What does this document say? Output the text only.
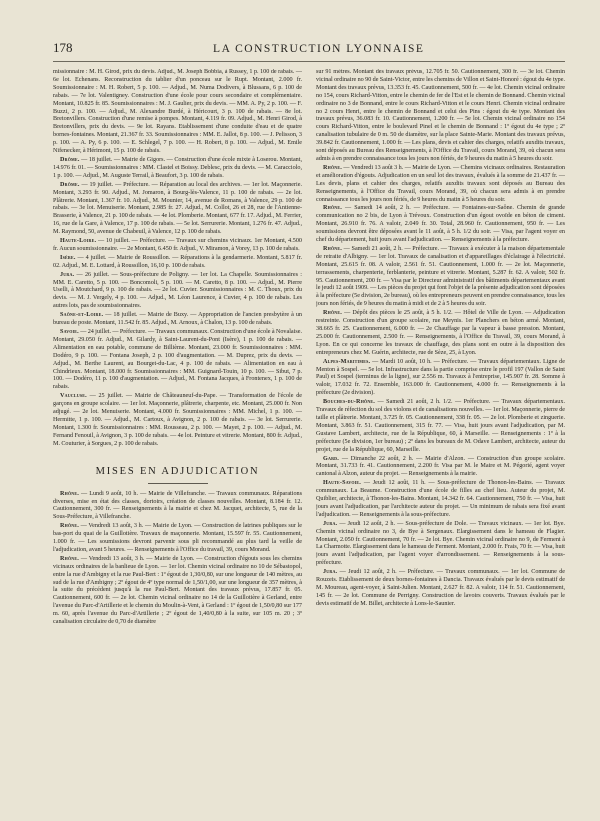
178	LA CONSTRUCTION LYONNAISE

missionnaire : M. H. Girod, prix du devis. Adjud., M. Joseph Bobbia, à Russey, 1 p. 100 de rabais. — 6e lot. Echenans. Reconstruction du tablier d'un ponceau sur le Rupt. Montant, 2.000 fr. Soumissionnaire : M. H. Robert, 5 p. 100. — Adjud., M. Numa Dodivers, à Blussans, 6 p. 100 de rabais. — 7e lot. Valentigney. Construction d'une école pour cours secondaire et complémentaire. Montant, 10.825 fr. 85. Soumissionnaires : M. J. Gaulier, prix du devis. — MM. A. Py, 2 p. 100. — F. Buzzi, 2 p. 100. — Adjud., M. Alexandre Burdé, à Héricourt, 3 p. 100 de rabais. — 8e lot. Bretonvillers. Construction d'une remise à pompes. Montant, 4.119 fr. 09. Adjud., M. Henri Girod, à Bretonvillers, prix du devis. — 9e lot. Rayans. Etablissement d'une conduite d'eau et de quatre bornes-fontaines. Montant, 21.367 fr. 33. Soumissionnaires : MM. E. Jallot, 8 p. 100. — J. Pelisson, 3 p. 100. — A. Py, 6 p. 100. — E. Schlegel, 7 p. 100. — H. Robert, 8 p. 100. — Adjud., M. Emile Nifenecker, à Hérimont, 15 p. 100 de rabais.

Drôme. — 18 juillet. — Mairie de Gigors. — Construction d'une école mixte à Loserou. Montant, 14.976 fr. 01. — Soumissionnaires : MM. Clastel et Boissy. Deblesc, prix du devis. — M. Caracciolo, 1 p. 100. — Adjud., M. Auguste Terrail, à Beaufort, 3 p. 100 de rabais.

Drôme. — 19 juillet. — Préfecture. — Réparation au local des archives. — 1er lot. Maçonnerie. Montant, 3.293 fr. 90. Adjud., M. Jomaron, à Bourg-lès-Valence, 11 p. 100 de rabais. — 2e lot. Plâtrerie. Montant, 1.367 fr. 10. Adjud., M. Mounier, 14, avenue de Romans, à Valence, 29 p. 100 de rabais. — 3e lot. Menuiserie. Montant, 2.985 fr. 27. Adjud., M. Collot, 26 et 28, rue de l'Antienne-Brasserie, à Valence, 21 p. 100 de rabais. — 4e lot. Plomberie. Montant, 677 fr. 17. Adjud., M. Ferrier, 16, rue de la Gare, à Valence, 17 p. 100 de rabais. — 5e lot. Serrurerie. Montant, 1.276 fr. 47. Adjud., M. Raymond, 50, avenue de Chabeuil, à Valence, 12 p. 100 de rabais.

Haute-Loire. — 10 juillet. — Préfecture. — Travaux sur chemins vicinaux. 1er Montant, 4.500 fr. Aucun soumissionnaire. — 2e Montant, 6.450 fr. Adjud., V. Miramon, à Vorey, 13 p. 100 de rabais.

Isère. — 4 juillet. — Mairie de Roussillon. — Réparations à la gendarmerie. Montant, 5.817 fr. 02. Adjud., M. E. Lottard, à Roussillon, 16,10 p. 100 de rabais.

Jura. — 26 juillet. — Sous-préfecture de Poligny. — 1er lot. La Chapelle. Soumissionnaires : MM. E. Caretto, 5 p. 100. — Boncomoli, 5 p. 100. — M. Caretto, 8 p. 100. — Adjud., M. Pierre Uselli, à Moutchard, 9 p. 100 de rabais. — 2e lot. Cuvier. Soumissionnaires : M. C. Thoux, prix du devis. — M. J. Vergely, 4 p. 100. — Adjud., M. Léon Laurence, à Cuvier, 4 p. 100 de rabais. Les autres lots, pas de soumissionnaires.

Saône-et-Loire. — 18 juillet. — Mairie de Buxy. — Appropriation de l'ancien presbytère à un bureau de poste. Montant, 11.542 fr. 85. Adjud., M. Arnoux, à Chalon, 13 p. 100 de rabais.

Savoie. — 24 juillet. — Préfecture. — Travaux communaux. Construction d'une école à Novalaise. Montant, 29.050 fr. Adjud., M. Gilardy, à Saint-Laurent-du-Pont (Isère), 1 p. 100 de rabais. — Alimentation en eau potable, commune de Billième. Montant, 23.000 fr. Soumissionnaires : MM. Dodéro, 9 p. 100. — Fontana Joseph, 2 p. 100 d'augmentation. — M. Duprez, prix du devis. — Adjud., M. Berthe Laurent, au Bourget-du-Lac, 4 p. 100 de rabais. — Alimentation en eau à Chindrieux. Montant, 18.000 fr. Soumissionnaires : MM. Guignard-Touin, 10 p. 100. — Sibut, 7 p. 100. — Dodéro, 11 p. 100 d'augmentation. — Adjud., M. Fontana Jacques, à Frontenex, 1 p. 100 de rabais.

Vaucluse. — 25 juillet. — Mairie de Châteauneuf-du-Pape. — Transformation de l'école de garçons en groupe scolaire. — 1er lot. Maçonnerie, plâtrerie, charpente, etc. Montant, 25.000 fr. Non adjugé. — 2e lot. Menuiserie. Montant, 4.000 fr. Soumissionnaires : MM. Michel, 1 p. 100. — Hermitte, 1 p. 100. — Adjud., M. Cartoux, à Avignon, 2 p. 100 de rabais. — 3e lot. Serrurerie. Montant, 1.300 fr. Soumissionnaires : MM. Rousseau, 2 p. 100. — Mayet, 2 p. 100. — Adjud., M. Fernand Fenouil, à Avignon, 3 p. 100 de rabais. — 4e lot. Peinture et vitrerie. Montant, 800 fr. Adjud., M. Couturier, à Sorgues, 2 p. 100 de rabais.

MISES EN ADJUDICATION

Rhône. — Lundi 9 août, 10 h. — Mairie de Villefranche. — Travaux communaux. Réparations diverses, mise en état des classes, dortoirs, création de classes nouvelles. Montant, 8.184 fr. 12. Cautionnement, 300 fr. — Renseignements à la mairie et chez M. Jacquet, architecte, 5, rue de la Sous-Préfecture, à Villefranche.

Rhône. — Vendredi 13 août, 3 h. — Mairie de Lyon. — Construction de latrines publiques sur le bas-port du quai de la Guillotière. Travaux de maçonnerie. Montant, 15.597 fr. 55. Cautionnement, 1.000 fr. — Les soumissions devront parvenir sous pli recommandé au plus tard la veille de l'adjudication, avant 5 heures. — Renseignements à l'Office du travail, 39, cours Morand.

Rhône. — Vendredi 13 août, 3 h. — Mairie de Lyon. — Construction d'égouts sous les chemins vicinaux ordinaires de la banlieue de Lyon. — 1er lot. Chemin vicinal ordinaire no 10 de Sébastopol, entre la rue d'Ambigny et la rue Paul-Bert : 1º égout de 1,30/0,80, sur une longueur de 140 mètres, au sud de la rue d'Ambigny ; 2º égout de 4º type normal de 1,50/1,00, sur une longueur de 357 mètres, à la suite du précédent jusqu'à la rue Paul-Bert. Montant des travaux prévus, 17.857 fr. 05. Cautionnement, 600 fr. — 2e lot. Chemin vicinal ordinaire no 14 de la Guillotière à Gerland, entre l'avenue du Parc-d'Artillerie et le chemin du Moulin-à-Vent, à Gerland : 1º égout de 1,50/0,80 sur 177 m. 60, après l'avenue du Parc-d'Artillerie ; 2º égout de 1,40/0,80 à la suite, sur 105 m. 20 ; 3º canalisation circulaire de 0,70 de diamètre

sur 91 mètres. Montant des travaux prévus, 12.705 fr. 50. Cautionnement, 300 fr. — 3e lot. Chemin vicinal ordinaire no 90 de Saint-Victor, entre les chemins de Villon et Saint-Honoré : égout du 4e type. Montant des travaux prévus, 13.353 fr. 45. Cautionnement, 500 fr. — 4e lot. Chemin vicinal ordinaire no 154, cours Richard-Vitton, entre le chemin de fer de l'Est et le chemin de Bonnand. Chemin vicinal ordinaire no 3 de Bonnand, entre le cours Richard-Vitton et le cours Henri. Chemin vicinal ordinaire no 2 cours Henri, entre le chemin de Bonnand et celui des Pins : égout du 4e type. Montant des travaux prévus, 36.083 fr. 10. Cautionnement, 1.200 fr. — 5e lot. Chemin vicinal ordinaire no 154 cours Richard-Vitton, entre le boulevard Pinel et le chemin de Bonnand : 1º égout du 4e type ; 2º canalisation tubulaire de 0 m. 50 de diamètre, sur la place Sainte-Marie. Montant des travaux prévus, 39.842 fr. Cautionnement, 1.000 fr. — Les plans, devis et cahier des charges, relatifs auxdits travaux, sont déposés au Bureau des Renseignements, à l'Office du Travail, cours Morand, 39, où chacun sera admis à en prendre connaissance tous les jours non fériés, de 9 heures du matin à 5 heures du soir.

Rhône. — Vendredi 13 août 3 h. — Mairie de Lyon. — Chemins vicinaux ordinaires. Restauration et amélioration d'égouts. Adjudication en un seul lot des travaux, évalués à la somme de 21.437 fr. — Les devis, plans et cahier des charges, relatifs auxdits travaux sont déposés au Bureau des Renseignements, à l'Office du Travail, cours Morand, 39, où chacun sera admis à en prendre connaissance tous les jours non fériés, de 9 heures du matin à 5 heures du soir.

Rhône. — Samedi 14 août, 2 h. — Préfecture. — Fontaines-sur-Saône. Chemin de grande communication no 2 bis, de Lyon à Trévoux. Construction d'un égout ovoïde en béton de ciment. Montant, 26.910 fr. 76. A valoir, 2.049 fr. 30. Total, 28.960 fr. Cautionnement, 950 fr. — Les soumissions devront être déposées avant le 11 août, à 5 h. 1/2 du soir. — Visa, par l'agent voyer en chef du département, huit jours avant l'adjudication. — Renseignements à la préfecture.

Rhône. — Samedi 21 août, 2 h. — Préfecture. — Travaux à exécuter à la maison départementale de retraite d'Albigny. — 1er lot. Travaux de canalisation et d'appareillages d'éclairage à l'électricité. Montant, 25.615 fr. 08. A valoir, 2.561 fr. 51. Cautionnement, 1.000 fr. — 2e lot. Maçonnerie, terrassements, charpenterie, ferblanterie, peinture et vitrerie. Montant, 5.287 fr. 62. A valoir, 502 fr. 95. Cautionnement, 200 fr. — Visa par le Directeur administratif des bâtiments départementaux avant le jeudi 12 août 1909. — Les pièces du projet qui font l'objet de la présente adjudication sont déposées à la préfecture (5e division, 2e bureau), où les entrepreneurs peuvent en prendre connaissance, tous les jours non fériés, de 9 heures du matin à midi et de 2 à 5 heures du soir.

Rhône. — Dépôt des pièces le 25 août, à 5 h. 1/2. — Hôtel de Ville de Lyon. — Adjudication restreinte. Construction d'un groupe scolaire, rue Meynis. 1er Planchers en béton armé. Montant, 38.665 fr. 25. Cautionnement, 6.000 fr. — 2e Chauffage par la vapeur à basse pression. Montant, 25.000 fr. Cautionnement, 2.500 fr. — Renseignements, à l'Office du Travail, 39, cours Morand, à Lyon. En ce qui concerne les travaux de chauffage, des plans sont en outre à la disposition des entrepreneurs chez M. Guérin, architecte, rue de Sèze, 25, à Lyon.

Alpes-Maritimes. — Mardi 10 août, 10 h. — Préfecture. — Travaux départementaux. Ligne de Menton à Sospel. — 5e lot. Infrastructure dans la partie comprise entre le profil 197 (Vallon de Saint Paul) et Sospel (terminus de la ligne), sur 2.556 m. Travaux à l'entreprise, 145.907 fr. 28. Somme à valoir, 17.032 fr. 72. Ensemble, 163.000 fr. Cautionnement, 4.000 fr. — Renseignements à la préfecture (2e division).

Bouches-du-Rhône. — Samedi 21 août, 2 h. 1/2. — Préfecture. — Travaux départementaux. Travaux de réfection du sol des violons et de canalisations nouvelles. — 1er lot. Maçonnerie, pierre de taille et plâtrerie. Montant, 3.725 fr. 05. Cautionnement, 338 fr. 05. — 2e lot. Plomberie et zinguerie. Montant, 3.863 fr. 51. Cautionnement, 315 fr. 77. — Visa, huit jours avant l'adjudication, par M. Gustave Lambert, architecte, rue de la République, 60, à Marseille. — Renseignements : 1º à la préfecture (5e division, 1er bureau) ; 2º dans les bureaux de M. Odave Lambert, architecte, auteur du projet, rue de la République, 60, Marseille.

Gard. — Dimanche 22 août, 2 h. — Mairie d'Alzon. — Construction d'un groupe scolaire. Montant, 31.733 fr. 41. Cautionnement, 2.200 fr. Visa par M. le Maire et M. Pégorié, agent voyer cantonal à Alzon, auteur du projet. — Renseignements à la mairie.

Haute-Savoie. — Jeudi 12 août, 11 h. — Sous-préfecture de Thonon-les-Bains. — Travaux communaux. La Beaume. Construction d'une école de filles au chef lieu. Auteur du projet, M. Quiblier, architecte, à Thonon-les-Bains. Montant, 14.342 fr. 64. Cautionnement, 750 fr. — Visa, huit jours avant l'adjudication, par l'architecte auteur du projet. — Un minimum de rabais sera fixé avant l'adjudication. — Renseignements à la sous-préfecture.

Jura. — Jeudi 12 août, 2 h. — Sous-préfecture de Dole. — Travaux vicinaux. — 1er lot. Bye. Chemin vicinal ordinaire no 3, de Bye à Sergenaux. Elargissement dans le hameau de Flagier. Montant, 2.050 fr. Cautionnement, 70 fr. — 2e lot. Bye. Chemin vicinal ordinaire no 9, de Ferment à La Charmotte. Elargissement dans le hameau de Ferment. Montant, 2.000 fr. Frais, 70 fr. — Visa, huit jours avant l'adjudication, par l'agent voyer d'arrondissement. — Renseignements à la sous-préfecture.

Jura. — Jeudi 12 août, 2 h. — Préfecture. — Travaux communaux. — 1er lot. Commune de Rouzeis. Etablissement de deux bornes-fontaines à Dancia. Travaux évalués par le devis estimatif de M. Moureau, agent-voyer, à Saint-Julien. Montant, 2.627 fr. 82. A valoir, 114 fr. 51. Cautionnement, 145 fr. — 2e lot. Commune de Perrigny. Construction de lavoirs couverts. Travaux évalués par le devis estimatif de M. Billet, architecte à Lons-le-Saunier.
